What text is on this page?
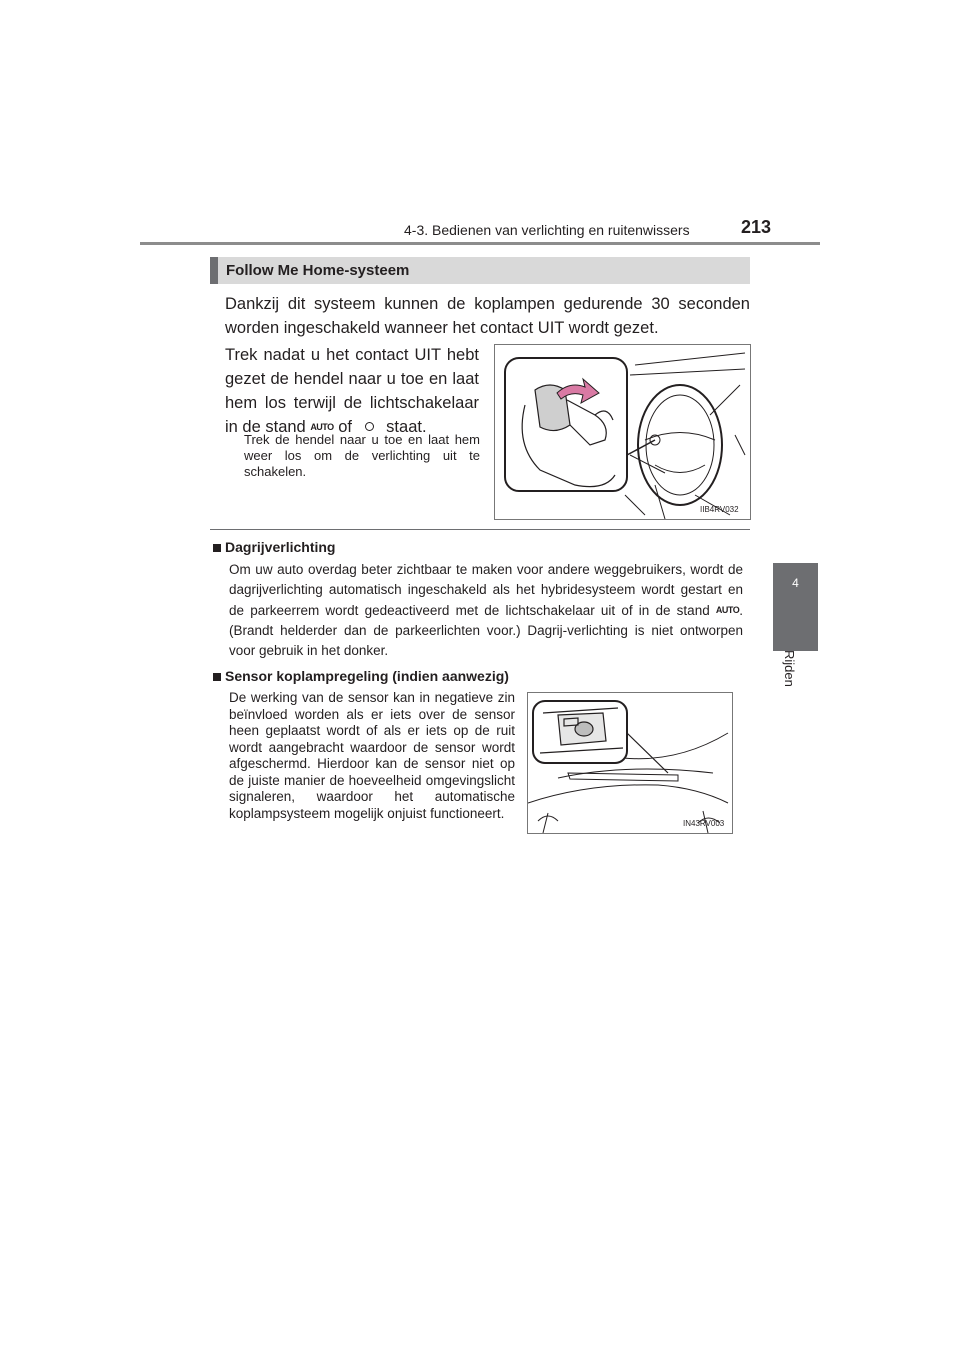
4-3. Bedienen van verlichting en ruitenwissers	213
4
Rijden
Follow Me Home-systeem
Dankzij dit systeem kunnen de koplampen gedurende 30 seconden worden ingeschakeld wanneer het contact UIT wordt gezet.
Trek nadat u het contact UIT hebt gezet de hendel naar u toe en laat hem los terwijl de lichtschakelaar in de stand AUTO of  staat.
Trek de hendel naar u toe en laat hem weer los om de verlichting uit te schakelen.
IIB4RV032
Dagrijverlichting
Om uw auto overdag beter zichtbaar te maken voor andere weggebruikers, wordt de dagrijverlichting automatisch ingeschakeld als het hybridesysteem wordt gestart en de parkeerrem wordt gedeactiveerd met de lichtschakelaar uit of in de stand AUTO. (Brandt helderder dan de parkeerlichten voor.) Dagrij-verlichting is niet ontworpen voor gebruik in het donker.
Sensor koplampregeling (indien aanwezig)
De werking van de sensor kan in negatieve zin beïnvloed worden als er iets over de sensor heen geplaatst wordt of als er iets op de ruit wordt aangebracht waardoor de sensor wordt afgeschermd. Hierdoor kan de sensor niet op de juiste manier de hoeveelheid omgevingslicht signaleren, waardoor het automatische koplampsysteem mogelijk onjuist functioneert.
IN43RV003
